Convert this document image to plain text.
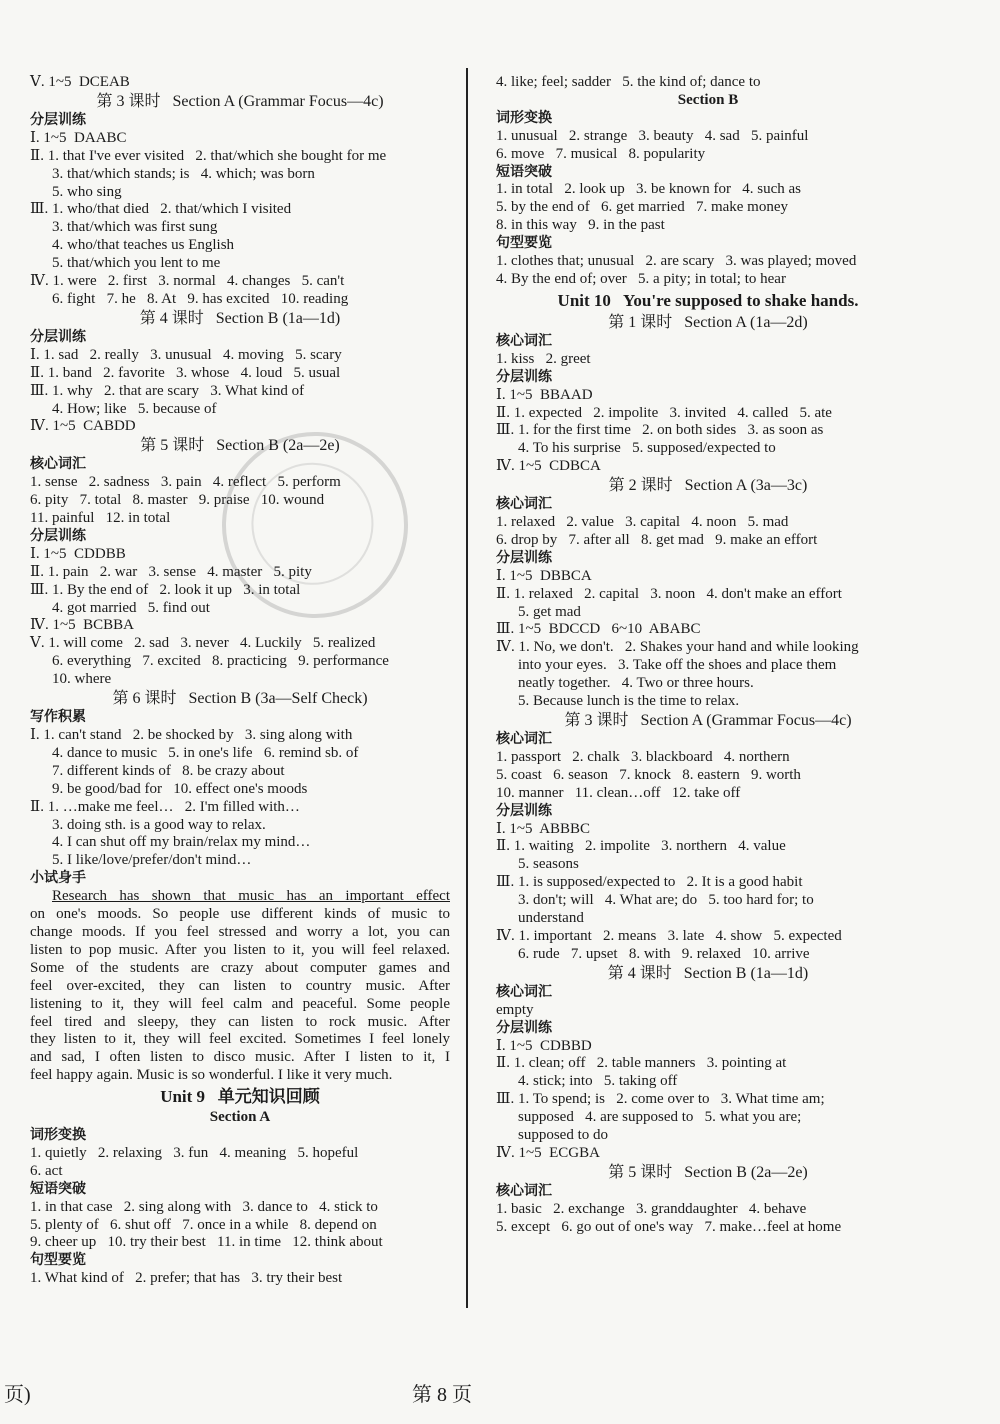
Ⅴ. 1~5  DCEAB
第 3 课时   Section A (Grammar Focus—4c)
分层训练
Ⅰ. 1~5  DAABC
Ⅱ. 1. that I've ever visited   2. that/which she bought for me
3. that/which stands; is   4. which; was born
5. who sing
Ⅲ. 1. who/that died   2. that/which I visited
3. that/which was first sung
4. who/that teaches us English
5. that/which you lent to me
Ⅳ. 1. were   2. first   3. normal   4. changes   5. can't
6. fight   7. he   8. At   9. has excited   10. reading
第 4 课时   Section B (1a—1d)
分层训练
Ⅰ. 1. sad   2. really   3. unusual   4. moving   5. scary
Ⅱ. 1. band   2. favorite   3. whose   4. loud   5. usual
Ⅲ. 1. why   2. that are scary   3. What kind of
4. How; like   5. because of
Ⅳ. 1~5  CABDD
第 5 课时   Section B (2a—2e)
核心词汇
1. sense   2. sadness   3. pain   4. reflect   5. perform
6. pity   7. total   8. master   9. praise   10. wound
11. painful   12. in total
分层训练
Ⅰ. 1~5  CDDBB
Ⅱ. 1. pain   2. war   3. sense   4. master   5. pity
Ⅲ. 1. By the end of   2. look it up   3. in total
4. got married   5. find out
Ⅳ. 1~5  BCBBA
Ⅴ. 1. will come   2. sad   3. never   4. Luckily   5. realized
6. everything   7. excited   8. practicing   9. performance
10. where
第 6 课时   Section B (3a—Self Check)
写作积累
Ⅰ. 1. can't stand   2. be shocked by   3. sing along with
4. dance to music   5. in one's life   6. remind sb. of
7. different kinds of   8. be crazy about
9. be good/bad for   10. effect one's moods
Ⅱ. 1. …make me feel…   2. I'm filled with…
3. doing sth. is a good way to relax.
4. I can shut off my brain/relax my mind…
5. I like/love/prefer/don't mind…
小试身手
Research has shown that music has an important effect
on one's moods. So people use different kinds of music to
change moods. If you feel stressed and worry a lot, you can
listen to pop music. After you listen to it, you will feel relaxed.
Some of the students are crazy about computer games and
feel over-excited, they can listen to country music. After
listening to it, they will feel calm and peaceful. Some people
feel tired and sleepy, they can listen to rock music. After
they listen to it, they will feel excited. Sometimes I feel lonely
and sad, I often listen to disco music. After I listen to it, I
feel happy again. Music is so wonderful. I like it very much.
Unit 9   单元知识回顾
Section A
词形变换
1. quietly   2. relaxing   3. fun   4. meaning   5. hopeful
6. act
短语突破
1. in that case   2. sing along with   3. dance to   4. stick to
5. plenty of   6. shut off   7. once in a while   8. depend on
9. cheer up   10. try their best   11. in time   12. think about
句型要览
1. What kind of   2. prefer; that has   3. try their best
4. like; feel; sadder   5. the kind of; dance to
Section B
词形变换
1. unusual   2. strange   3. beauty   4. sad   5. painful
6. move   7. musical   8. popularity
短语突破
1. in total   2. look up   3. be known for   4. such as
5. by the end of   6. get married   7. make money
8. in this way   9. in the past
句型要览
1. clothes that; unusual   2. are scary   3. was played; moved
4. By the end of; over   5. a pity; in total; to hear
Unit 10   You're supposed to shake hands.
第 1 课时   Section A (1a—2d)
核心词汇
1. kiss   2. greet
分层训练
Ⅰ. 1~5  BBAAD
Ⅱ. 1. expected   2. impolite   3. invited   4. called   5. ate
Ⅲ. 1. for the first time   2. on both sides   3. as soon as
4. To his surprise   5. supposed/expected to
Ⅳ. 1~5  CDBCA
第 2 课时   Section A (3a—3c)
核心词汇
1. relaxed   2. value   3. capital   4. noon   5. mad
6. drop by   7. after all   8. get mad   9. make an effort
分层训练
Ⅰ. 1~5  DBBCA
Ⅱ. 1. relaxed   2. capital   3. noon   4. don't make an effort
5. get mad
Ⅲ. 1~5  BDCCD   6~10  ABABC
Ⅳ. 1. No, we don't.   2. Shakes your hand and while looking
into your eyes.   3. Take off the shoes and place them
neatly together.   4. Two or three hours.
5. Because lunch is the time to relax.
第 3 课时   Section A (Grammar Focus—4c)
核心词汇
1. passport   2. chalk   3. blackboard   4. northern
5. coast   6. season   7. knock   8. eastern   9. worth
10. manner   11. clean…off   12. take off
分层训练
Ⅰ. 1~5  ABBBC
Ⅱ. 1. waiting   2. impolite   3. northern   4. value
5. seasons
Ⅲ. 1. is supposed/expected to   2. It is a good habit
3. don't; will   4. What are; do   5. too hard for; to
understand
Ⅳ. 1. important   2. means   3. late   4. show   5. expected
6. rude   7. upset   8. with   9. relaxed   10. arrive
第 4 课时   Section B (1a—1d)
核心词汇
empty
分层训练
Ⅰ. 1~5  CDBBD
Ⅱ. 1. clean; off   2. table manners   3. pointing at
4. stick; into   5. taking off
Ⅲ. 1. To spend; is   2. come over to   3. What time am;
supposed   4. are supposed to   5. what you are;
supposed to do
Ⅳ. 1~5  ECGBA
第 5 课时   Section B (2a—2e)
核心词汇
1. basic   2. exchange   3. granddaughter   4. behave
5. except   6. go out of one's way   7. make…feel at home
页)	第 8 页
